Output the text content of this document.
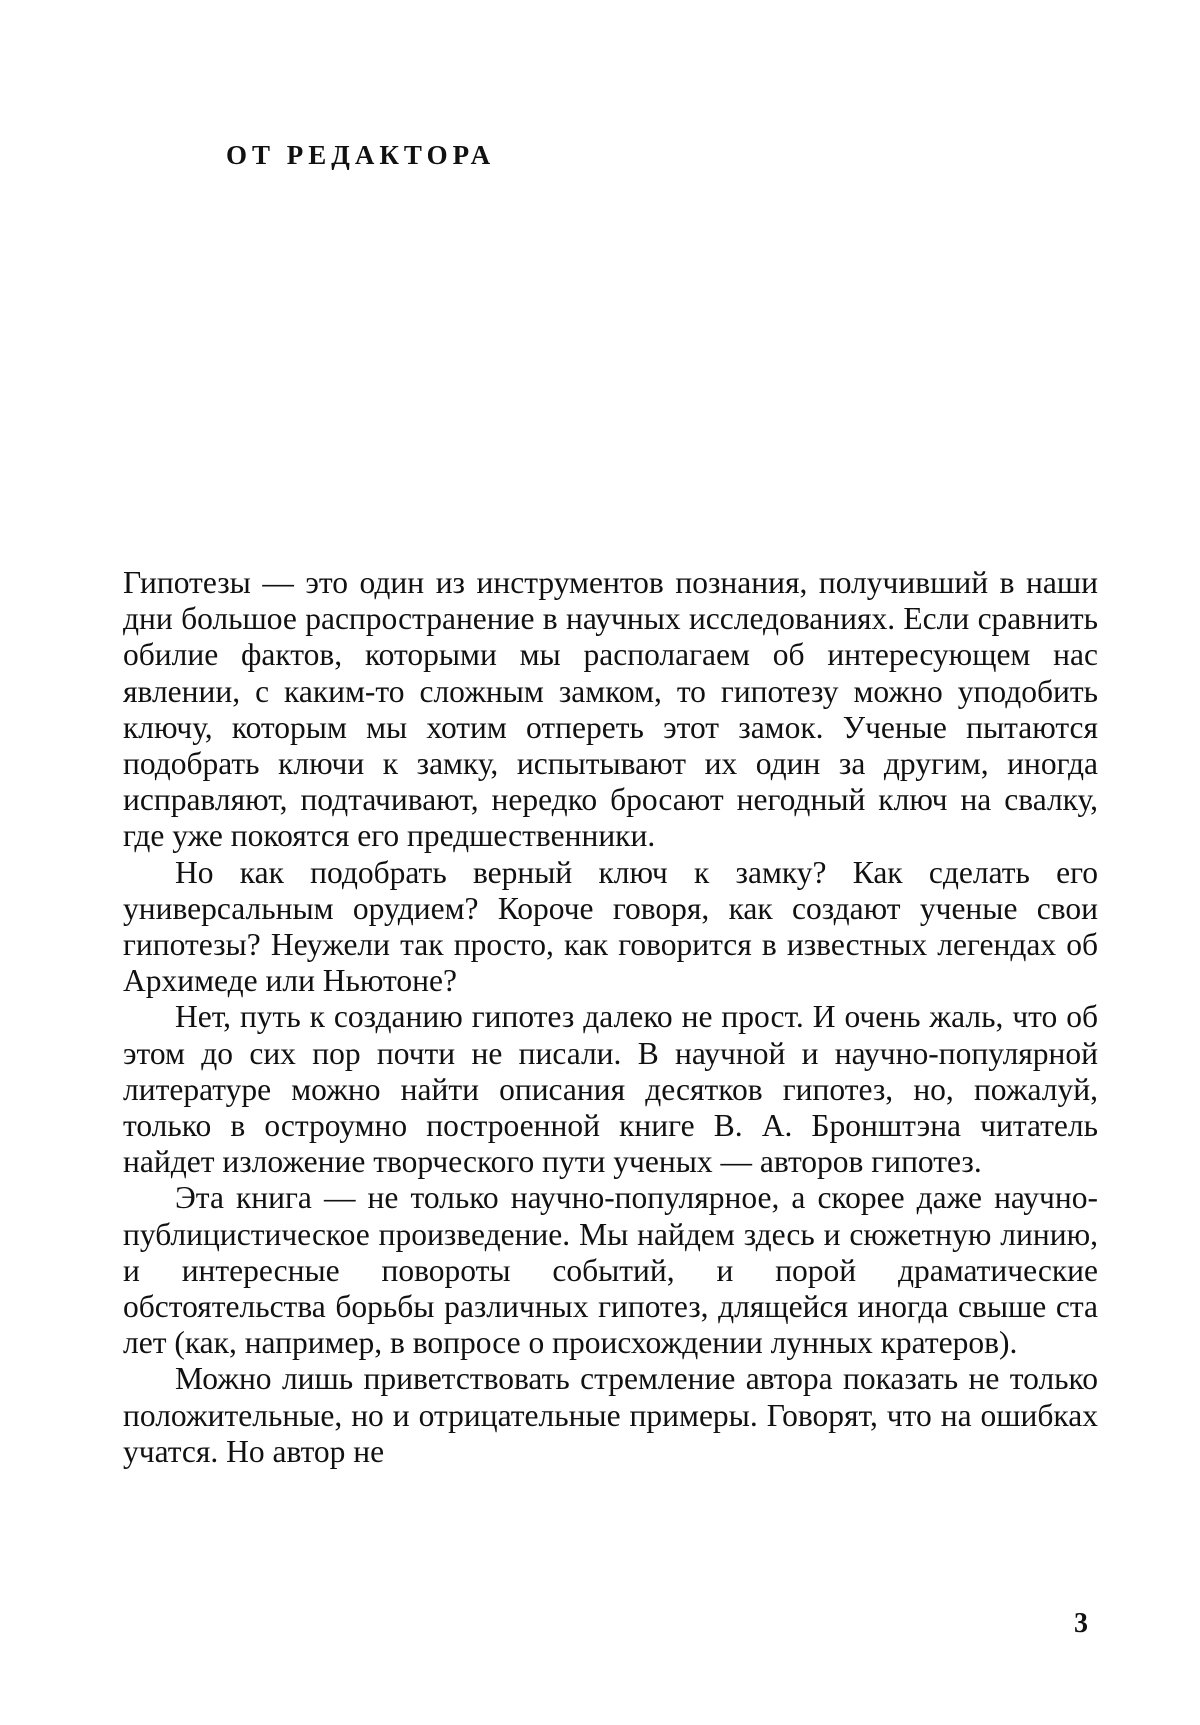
ОТ РЕДАКТОРА

Гипотезы — это один из инструментов познания, получивший в наши дни большое распространение в научных исследованиях. Если сравнить обилие фактов, которыми мы располагаем об интересующем нас явлении, с каким-то сложным замком, то гипотезу можно уподобить ключу, которым мы хотим отпереть этот замок. Ученые пытаются подобрать ключи к замку, испытывают их один за другим, иногда исправляют, подтачивают, нередко бросают негодный ключ на свалку, где уже покоятся его предшественники.

Но как подобрать верный ключ к замку? Как сделать его универсальным орудием? Короче говоря, как создают ученые свои гипотезы? Неужели так просто, как говорится в известных легендах об Архимеде или Ньютоне?

Нет, путь к созданию гипотез далеко не прост. И очень жаль, что об этом до сих пор почти не писали. В научной и научно-популярной литературе можно найти описания десятков гипотез, но, пожалуй, только в остроумно построенной книге В. А. Бронштэна читатель найдет изложение творческого пути ученых — авторов гипотез.

Эта книга — не только научно-популярное, а скорее даже научно-публицистическое произведение. Мы найдем здесь и сюжетную линию, и интересные повороты событий, и порой драматические обстоятельства борьбы различных гипотез, длящейся иногда свыше ста лет (как, например, в вопросе о происхождении лунных кратеров).

Можно лишь приветствовать стремление автора показать не только положительные, но и отрицательные примеры. Говорят, что на ошибках учатся. Но автор не

3
